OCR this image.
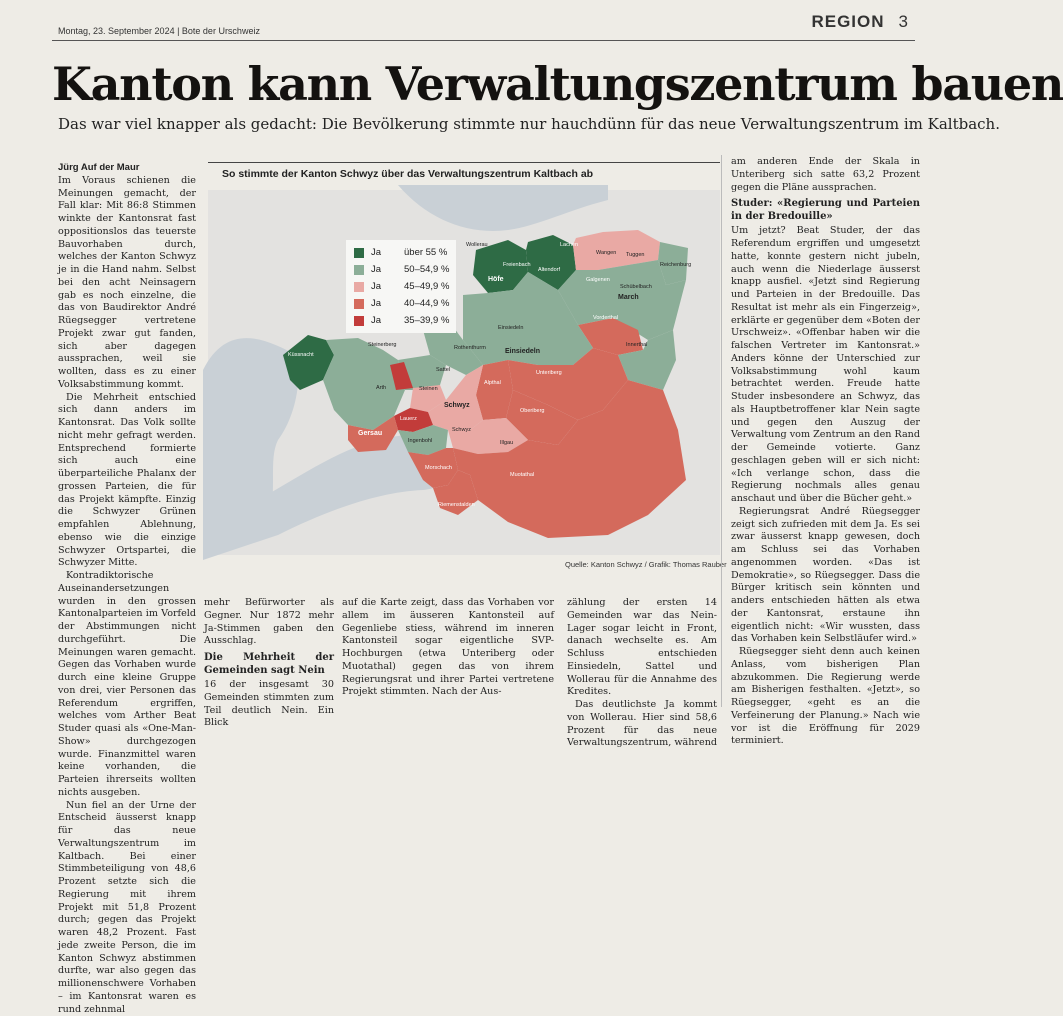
Montag, 23. September 2024 | Bote der Urschweiz	REGION 3
Kanton kann Verwaltungszentrum bauen

Das war viel knapper als gedacht: Die Bevölkerung stimmte nur hauchdünn für das neue Verwaltungszentrum im Kaltbach.

Jürg Auf der Maur

Im Voraus schienen die Meinungen gemacht, der Fall klar: Mit 86:8 Stimmen winkte der Kantonsrat fast oppositionslos das teuerste Bauvorhaben durch, welches der Kanton Schwyz je in die Hand nahm. Selbst bei den acht Neinsagern gab es noch einzelne, die das von Baudirektor André Rüegsegger vertretene Projekt zwar gut fanden, sich aber dagegen aussprachen, weil sie wollten, dass es zu einer Volksabstimmung kommt.

Die Mehrheit entschied sich dann anders im Kantonsrat. Das Volk sollte nicht mehr gefragt werden. Entsprechend formierte sich auch eine überparteiliche Phalanx der grossen Parteien, die für das Projekt kämpfte. Einzig die Schwyzer Grünen empfahlen Ablehnung, ebenso wie die einzige Schwyzer Ortspartei, die Schwyzer Mitte.

Kontradiktorische Auseinandersetzungen wurden in den grossen Kantonalparteien im Vorfeld der Abstimmungen nicht durchgeführt. Die Meinungen waren gemacht. Gegen das Vorhaben wurde durch eine kleine Gruppe von drei, vier Personen das Referendum ergriffen, welches vom Arther Beat Studer quasi als «One-Man-Show» durchgezogen wurde. Finanzmittel waren keine vorhanden, die Parteien ihrerseits wollten nichts ausgeben.

Nun fiel an der Urne der Entscheid äusserst knapp für das neue Verwaltungszentrum im Kaltbach. Bei einer Stimmbeteiligung von 48,6 Prozent setzte sich die Regierung mit ihrem Projekt mit 51,8 Prozent durch; gegen das Projekt waren 48,2 Prozent. Fast jede zweite Person, die im Kanton Schwyz abstimmen durfte, war also gegen das millionenschwere Vorhaben – im Kantonsrat waren es rund zehnmal

So stimmte der Kanton Schwyz über das Verwaltungszentrum Kaltbach ab
Ja über 55 %
Ja 50–54,9 %
Ja 45–49,9 %
Ja 40–44,9 %
Ja 35–39,9 %
Wollerau
Freienbach
Lachen
Wangen Tuggen
Reichenburg
Altendorf
Galgenen
Schübelbach
March
Höfe
Einsiedeln
Einsiedeln
Vorderthal
Innerthal
Küssnacht
Steinerberg	Rothenthurm
Sattel
Arth	Steinen
Alpthal
Unteriberg
Oberiberg
Lauerz
Schwyz
Schwyz
Gersau
Ingenbohl	Illgau
Morschach
Muotathal
Riemenstalden
Quelle: Kanton Schwyz / Grafik: Thomas Rauber

mehr Befürworter als Gegner. Nur 1872 mehr Ja-Stimmen gaben den Ausschlag.

Die Mehrheit der Gemeinden sagt Nein

16 der insgesamt 30 Gemeinden stimmten zum Teil deutlich Nein. Ein Blick

auf die Karte zeigt, dass das Vorhaben vor allem im äusseren Kantonsteil auf Gegenliebe stiess, während im inneren Kantonsteil sogar eigentliche SVP-Hochburgen (etwa Unteriberg oder Muotathal) gegen das von ihrem Regierungsrat und ihrer Partei vertretene Projekt stimmten. Nach der Aus-

zählung der ersten 14 Gemeinden war das Nein-Lager sogar leicht in Front, danach wechselte es. Am Schluss entschieden Einsiedeln, Sattel und Wollerau für die Annahme des Kredites.

Das deutlichste Ja kommt von Wollerau. Hier sind 58,6 Prozent für das neue Verwaltungszentrum, während

am anderen Ende der Skala in Unteriberg sich satte 63,2 Prozent gegen die Pläne aussprachen.

Studer: «Regierung und Parteien in der Bredouille»

Um jetzt? Beat Studer, der das Referendum ergriffen und umgesetzt hatte, konnte gestern nicht jubeln, auch wenn die Niederlage äusserst knapp ausfiel. «Jetzt sind Regierung und Parteien in der Bredouille. Das Resultat ist mehr als ein Fingerzeig», erklärte er gegenüber dem «Boten der Urschweiz». «Offenbar haben wir die falschen Vertreter im Kantonsrat.» Anders könne der Unterschied zur Volksabstimmung wohl kaum betrachtet werden. Freude hatte Studer insbesondere an Schwyz, das als Hauptbetroffener klar Nein sagte und gegen den Auszug der Verwaltung vom Zentrum an den Rand der Gemeinde votierte. Ganz geschlagen geben will er sich nicht: «Ich verlange schon, dass die Regierung nochmals alles genau anschaut und über die Bücher geht.»

Regierungsrat André Rüegsegger zeigt sich zufrieden mit dem Ja. Es sei zwar äusserst knapp gewesen, doch am Schluss sei das Vorhaben angenommen worden. «Das ist Demokratie», so Rüegsegger. Dass die Bürger kritisch sein könnten und anders entschieden hätten als etwa der Kantonsrat, erstaune ihn eigentlich nicht: «Wir wussten, dass das Vorhaben kein Selbstläufer wird.»

Rüegsegger sieht denn auch keinen Anlass, vom bisherigen Plan abzukommen. Die Regierung werde am Bisherigen festhalten. «Jetzt», so Rüegsegger, «geht es an die Verfeinerung der Planung.» Nach wie vor ist die Eröffnung für 2029 terminiert.
